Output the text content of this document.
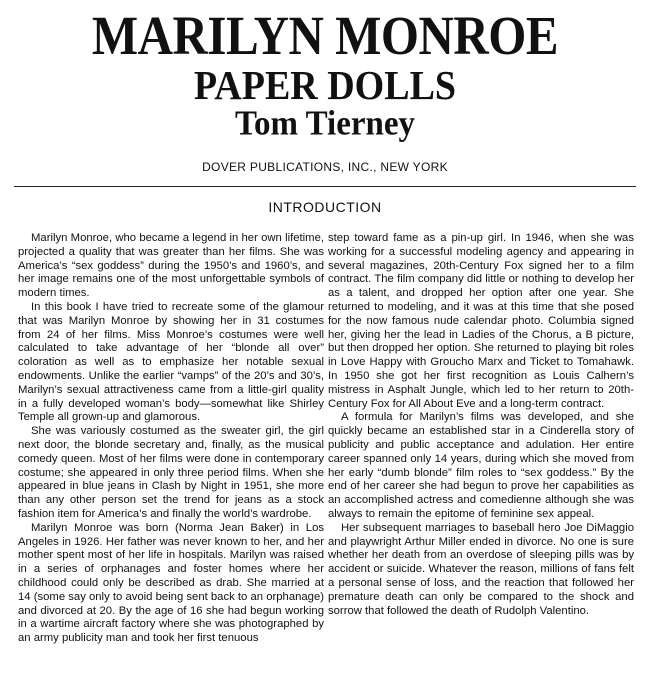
MARILYN MONROE
PAPER DOLLS
Tom Tierney
DOVER PUBLICATIONS, INC., NEW YORK
INTRODUCTION

Marilyn Monroe, who became a legend in her own lifetime, projected a quality that was greater than her films. She was America’s “sex goddess” during the 1950’s and 1960’s, and her image remains one of the most unforgettable symbols of modern times.

In this book I have tried to recreate some of the glamour that was Marilyn Monroe by showing her in 31 costumes from 24 of her films. Miss Monroe’s costumes were well calculated to take advantage of her “blonde all over” coloration as well as to emphasize her notable sexual endowments. Unlike the earlier “vamps” of the 20’s and 30’s, Marilyn’s sexual attractiveness came from a little-girl quality in a fully developed woman’s body—somewhat like Shirley Temple all grown-up and glamorous.

She was variously costumed as the sweater girl, the girl next door, the blonde secretary and, finally, as the musical comedy queen. Most of her films were done in contemporary costume; she appeared in only three period films. When she appeared in blue jeans in Clash by Night in 1951, she more than any other person set the trend for jeans as a stock fashion item for America’s and finally the world’s wardrobe.

Marilyn Monroe was born (Norma Jean Baker) in Los Angeles in 1926. Her father was never known to her, and her mother spent most of her life in hospitals. Marilyn was raised in a series of orphanages and foster homes where her childhood could only be described as drab. She married at 14 (some say only to avoid being sent back to an orphanage) and divorced at 20. By the age of 16 she had begun working in a wartime aircraft factory where she was photographed by an army publicity man and took her first tenuous

step toward fame as a pin-up girl. In 1946, when she was working for a successful modeling agency and appearing in several magazines, 20th-Century Fox signed her to a film contract. The film company did little or nothing to develop her as a talent, and dropped her option after one year. She returned to modeling, and it was at this time that she posed for the now famous nude calendar photo. Columbia signed her, giving her the lead in Ladies of the Chorus, a B picture, but then dropped her option. She returned to playing bit roles in Love Happy with Groucho Marx and Ticket to Tomahawk. In 1950 she got her first recognition as Louis Calhern’s mistress in Asphalt Jungle, which led to her return to 20th-Century Fox for All About Eve and a long-term contract.

A formula for Marilyn’s films was developed, and she quickly became an established star in a Cinderella story of publicity and public acceptance and adulation. Her entire career spanned only 14 years, during which she moved from her early “dumb blonde” film roles to “sex goddess.” By the end of her career she had begun to prove her capabilities as an accomplished actress and comedienne although she was always to remain the epitome of feminine sex appeal.

Her subsequent marriages to baseball hero Joe DiMaggio and playwright Arthur Miller ended in divorce. No one is sure whether her death from an overdose of sleeping pills was by accident or suicide. Whatever the reason, millions of fans felt a personal sense of loss, and the reaction that followed her premature death can only be compared to the shock and sorrow that followed the death of Rudolph Valentino.
